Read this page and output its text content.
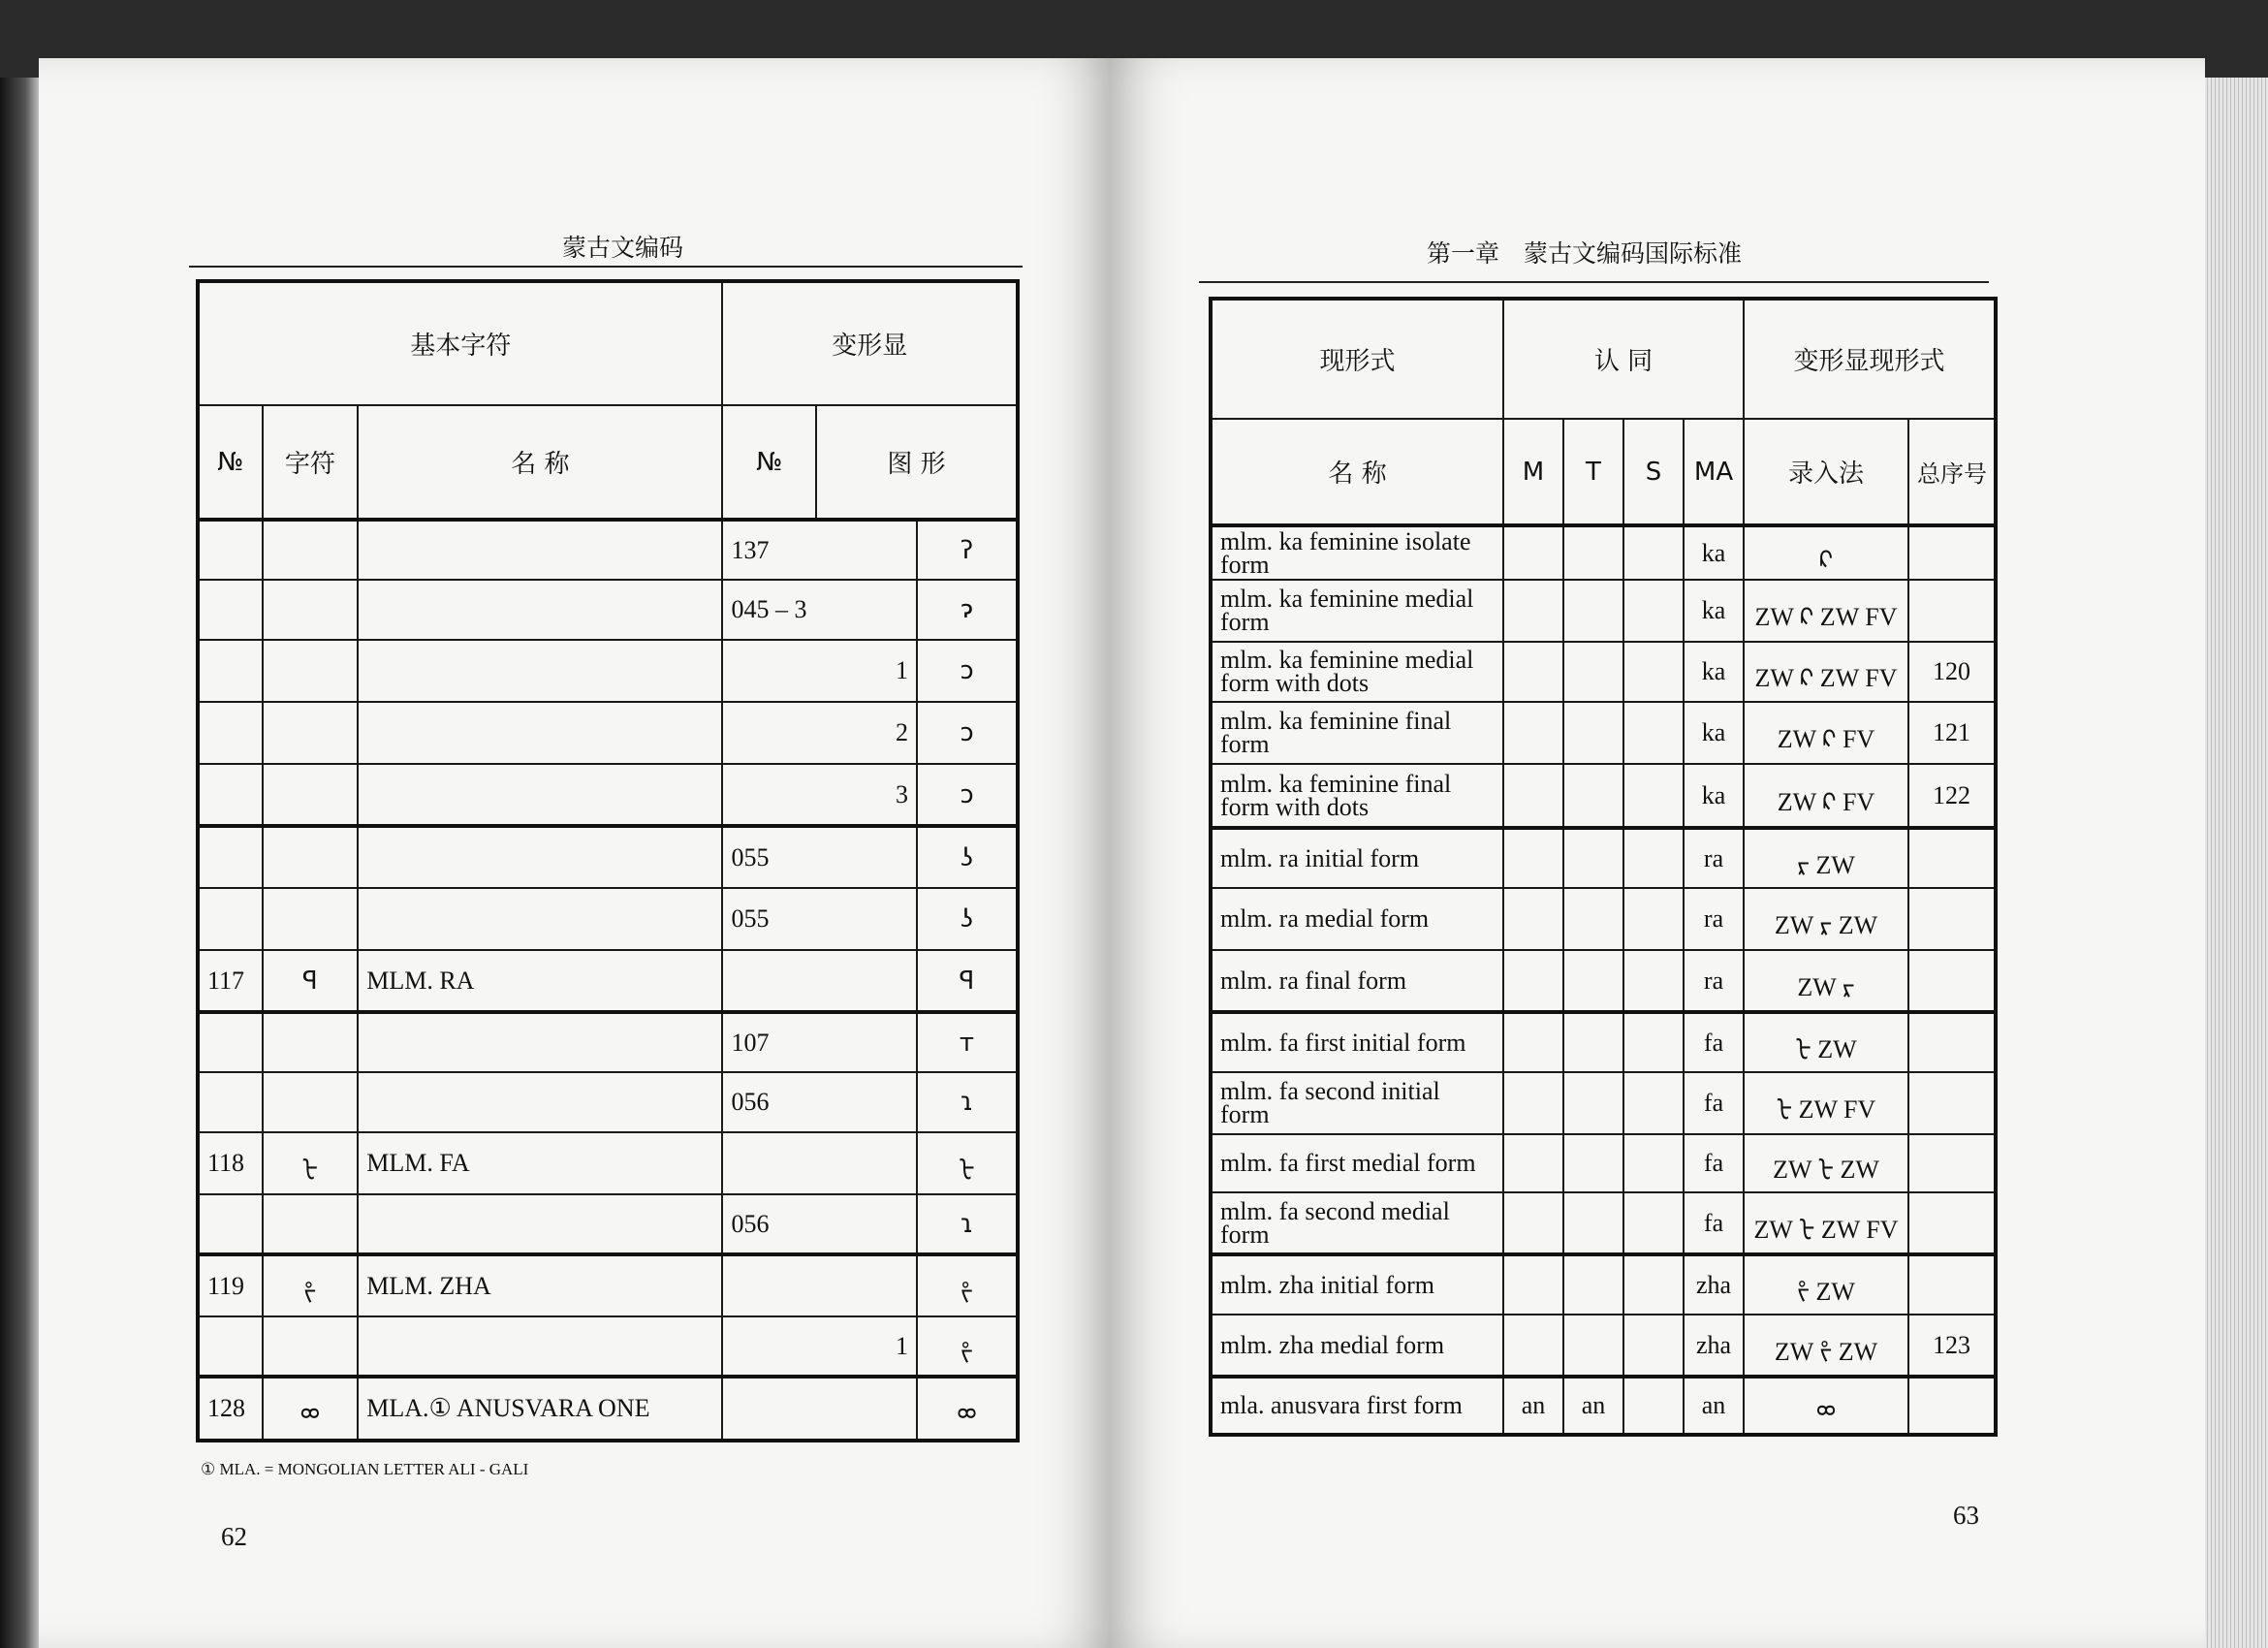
蒙古文编码
基本字符			变形显		
№	字符	名 称	№	图 形	
			137		ʔ
			045 – 3		ɂ
			1		ↄ
			2		ɔ
			3		ɔ
			055		ʖ
			055		ʖ
117	ꟼ	MLM. RA			ꟼ
			107		ᴛ
			056		ɿ
118	ᡶ	MLM. FA			ᡶ
			056		ɿ
119	ᡷ	MLM. ZHA			ᡷ
			1		ᡷ
128	ᢁ	MLA.① ANUSVARA ONE			ᢁ
① MLA. = MONGOLIAN LETTER ALI - GALI
62
第一章　蒙古文编码国际标准
现形式	认 同				变形显现形式	
名 称	M	T	S	MA	录入法	总序号
mlm. ka feminine isolate form				ka	ᠺ	
mlm. ka feminine medial form				ka	ZW ᠺ ZW FV	
mlm. ka feminine medial form with dots				ka	ZW ᠺ ZW FV	120
mlm. ka feminine final form				ka	ZW ᠺ FV	121
mlm. ka feminine final form with dots				ka	ZW ᠺ FV	122
mlm. ra initial form				ra	ᠷ ZW	
mlm. ra medial form				ra	ZW ᠷ ZW	
mlm. ra final form				ra	ZW ᠷ	
mlm. fa first initial form				fa	ᡶ ZW	
mlm. fa second initial form				fa	ᡶ ZW FV	
mlm. fa first medial form				fa	ZW ᡶ ZW	
mlm. fa second medial form				fa	ZW ᡶ ZW FV	
mlm. zha initial form				zha	ᡷ ZW	
mlm. zha medial form				zha	ZW ᡷ ZW	123
mla. anusvara first form	an	an		an	ᢁ	
63
